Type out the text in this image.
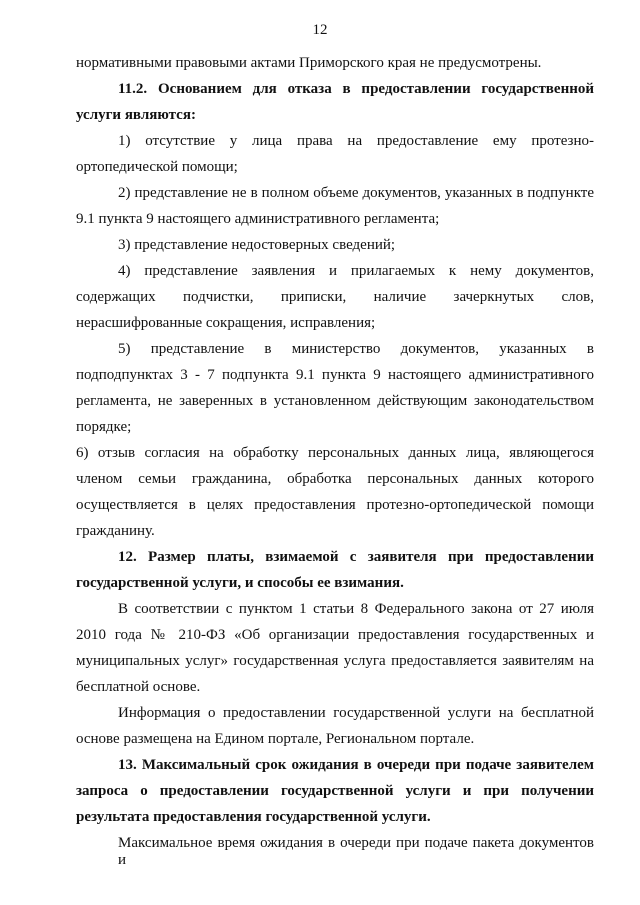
12
нормативными правовыми актами Приморского края не предусмотрены.
11.2. Основанием для отказа в предоставлении государственной
услуги являются:
1) отсутствие у лица права на предоставление ему протезно-
ортопедической помощи;
2) представление не в полном объеме документов, указанных в подпункте
9.1 пункта 9 настоящего административного регламента;
3) представление недостоверных сведений;
4) представление заявления и прилагаемых к нему документов,
содержащих подчистки, приписки, наличие зачеркнутых слов,
нерасшифрованные сокращения, исправления;
5) представление в министерство документов, указанных в
подподпунктах 3 - 7 подпункта 9.1 пункта 9 настоящего административного
регламента, не заверенных в установленном действующим законодательством
порядке;
6) отзыв согласия на обработку персональных данных лица, являющегося
членом семьи гражданина, обработка персональных данных которого
осуществляется в целях предоставления протезно-ортопедической помощи
гражданину.
12. Размер платы, взимаемой с заявителя при предоставлении
государственной услуги, и способы ее взимания.
В соответствии с пунктом 1 статьи 8 Федерального закона от 27 июля
2010 года № 210-ФЗ «Об организации предоставления государственных и
муниципальных услуг» государственная услуга предоставляется заявителям на
бесплатной основе.
Информация о предоставлении государственной услуги на бесплатной
основе размещена на Едином портале, Региональном портале.
13. Максимальный срок ожидания в очереди при подаче заявителем
запроса о предоставлении государственной услуги и при получении
результата предоставления государственной услуги.
Максимальное время ожидания в очереди при подаче пакета документов и
